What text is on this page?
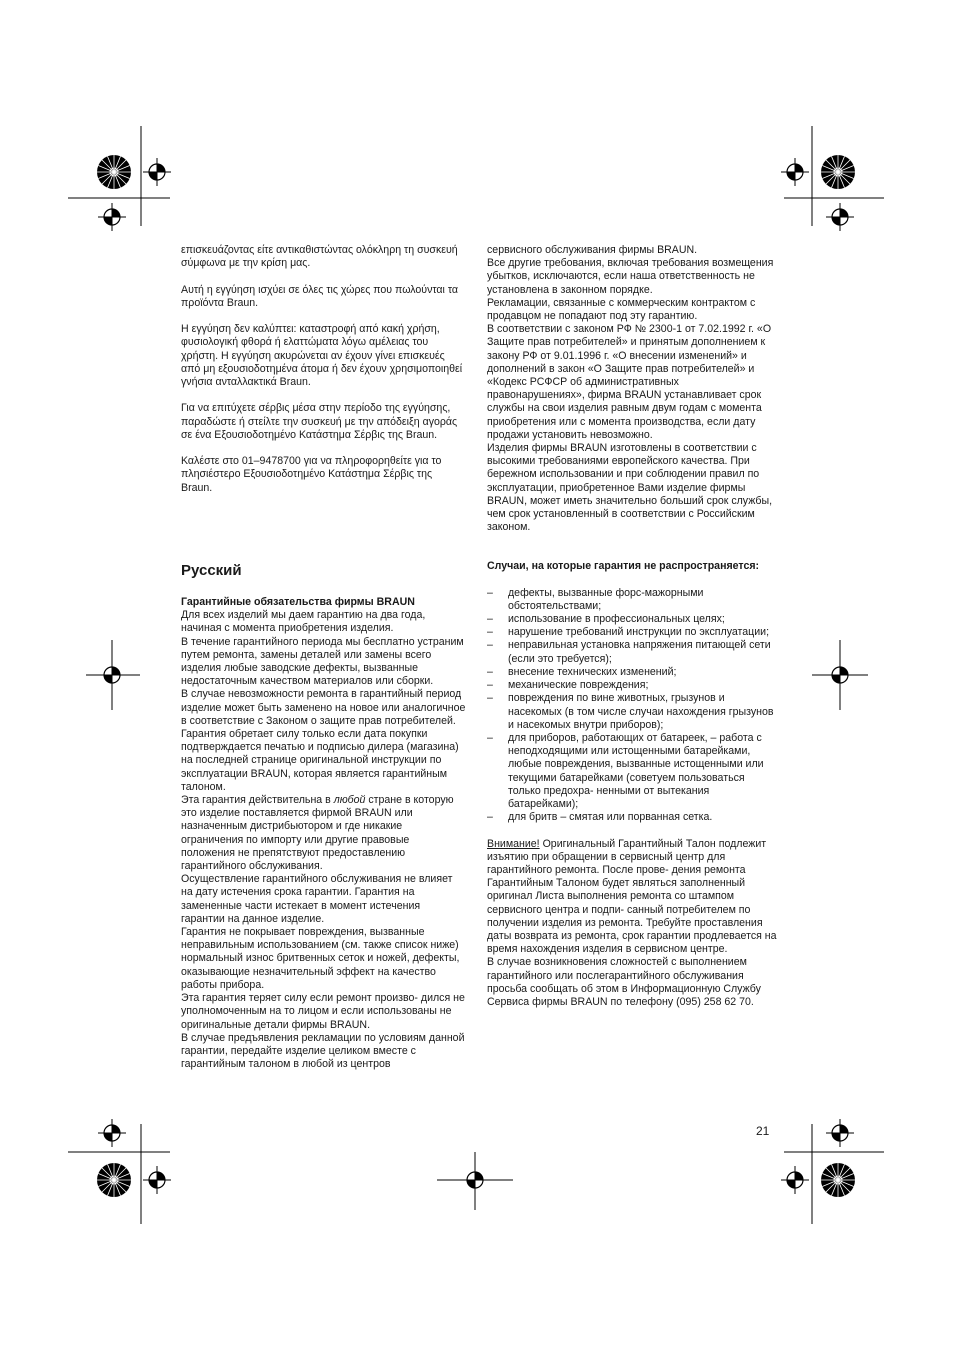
επισκευάζοντας είτε αντικαθιστώντας ολόκληρη τη συσκευή σύμφωνα με την κρίση μας.

Αυτή η εγγύηση ισχύει σε όλες τις χώρες που πωλούνται τα προϊόντα Braun.

Η εγγύηση δεν καλύπτει: καταστροφή από κακή χρήση, φυσιολογική φθορά ή ελαττώματα λόγω αμέλειας του χρήστη. Η εγγύηση ακυρώνεται αν έχουν γίνει επισκευές από μη εξουσιοδοτημένα άτομα ή δεν έχουν χρησιμοποιηθεί γνήσια ανταλλακτικά Braun.

Για να επιτύχετε σέρβις μέσα στην περίοδο της εγγύησης, παραδώστε ή στείλτε την συσκευή με την απόδειξη αγοράς σε ένα Εξουσιοδοτημένο Κατάστημα Σέρβις της Braun.

Καλέστε στο 01–9478700 για να πληροφορηθείτε για το πλησιέστερο Εξουσιοδοτημένο Κατάστημα Σέρβις της Braun.

Русский

Гарантийные обязательства фирмы BRAUN

Для всех изделий мы даем гарантию на два года, начиная с момента приобретения изделия.

В течение гарантийного периода мы бесплатно устраним путем ремонта, замены деталей или замены всего изделия любые заводские дефекты, вызванные недостаточным качеством материалов или сборки.

В случае невозможности ремонта в гарантийный период изделие может быть заменено на новое или аналогичное в соответствие с Законом о защите прав потребителей.

Гарантия обретает силу только если дата покупки подтверждается печатью и подписью дилера (магазина) на последней странице оригинальной инструкции по эксплуатации BRAUN, которая является гарантийным талоном.

Эта гарантия действительна в любой стране в которую это изделие поставляется фирмой BRAUN или назначенным дистрибьютором и где никакие ограничения по импорту или другие правовые положения не препятствуют предоставлению гарантийного обслуживания.

Осуществление гарантийного обслуживания не влияет на дату истечения срока гарантии. Гарантия на замененные части истекает в момент истечения гарантии на данное изделие.

Гарантия не покрывает повреждения, вызванные неправильным использованием (см. также список ниже) нормальный износ бритвенных сеток и ножей, дефекты, оказывающие незначительный эффект на качество работы прибора.

Эта гарантия теряет силу если ремонт произво- дился не уполномоченным на то лицом и если использованы не оригинальные детали фирмы BRAUN.

В случае предъявления рекламации по условиям данной гарантии, передайте изделие целиком вместе с гарантийным талоном в любой из центров

сервисного обслуживания фирмы BRAUN.

Все другие требования, включая требования возмещения убытков, исключаются, если наша ответственность не установлена в законном порядке.

Рекламации, связанные с коммерческим контрактом с продавцом не попадают под эту гарантию.

В соответствии с законом РФ № 2300-1 от 7.02.1992 г. «О Защите прав потребителей» и принятым дополнением к закону РФ от 9.01.1996 г. «О внесении изменений» и дополнений в закон «О Защите прав потребителей» и «Кодекс РСФСР об административных правонарушениях», фирма BRAUN устанавливает срок службы на свои изделия равным двум годам с момента приобретения или с момента производства, если дату продажи установить невозможно.

Изделия фирмы BRAUN изготовлены в соответствии с высокими требованиями европейского качества. При бережном использовании и при соблюдении правил по эксплуатации, приобретенное Вами изделие фирмы BRAUN, может иметь значительно больший срок службы, чем срок установленный в соответствии с Российским законом.

Случаи, на которые гарантия не распространяется:

– дефекты, вызванные форс-мажорными обстоятельствами;
– использование в профессиональных целях;
– нарушение требований инструкции по эксплуатации;
– неправильная установка напряжения питающей сети (если это требуется);
– внесение технических изменений;
– механические повреждения;
– повреждения по вине животных, грызунов и насекомых (в том числе случаи нахождения грызунов и насекомых внутри приборов);
– для приборов, работающих от батареек, – работа с неподходящими или истощенными батарейками, любые повреждения, вызванные истощенными или текущими батарейками (советуем пользоваться только предохра- ненными от вытекания батарейками);
– для бритв – смятая или порванная сетка.

Внимание! Оригинальный Гарантийный Талон подлежит изъятию при обращении в сервисный центр для гарантийного ремонта. После прове- дения ремонта Гарантийным Талоном будет являться заполненный оригинал Листа выполнения ремонта со штампом сервисного центра и подпи- санный потребителем по получении изделия из ремонта. Требуйте проставления даты возврата из ремонта, срок гарантии продлевается на время нахождения изделия в сервисном центре.

В случае возникновения сложностей с выполнением гарантийного или послегарантийного обслуживания просьба сообщать об этом в Информационную Службу Сервиса фирмы BRAUN по телефону (095) 258 62 70.

21
